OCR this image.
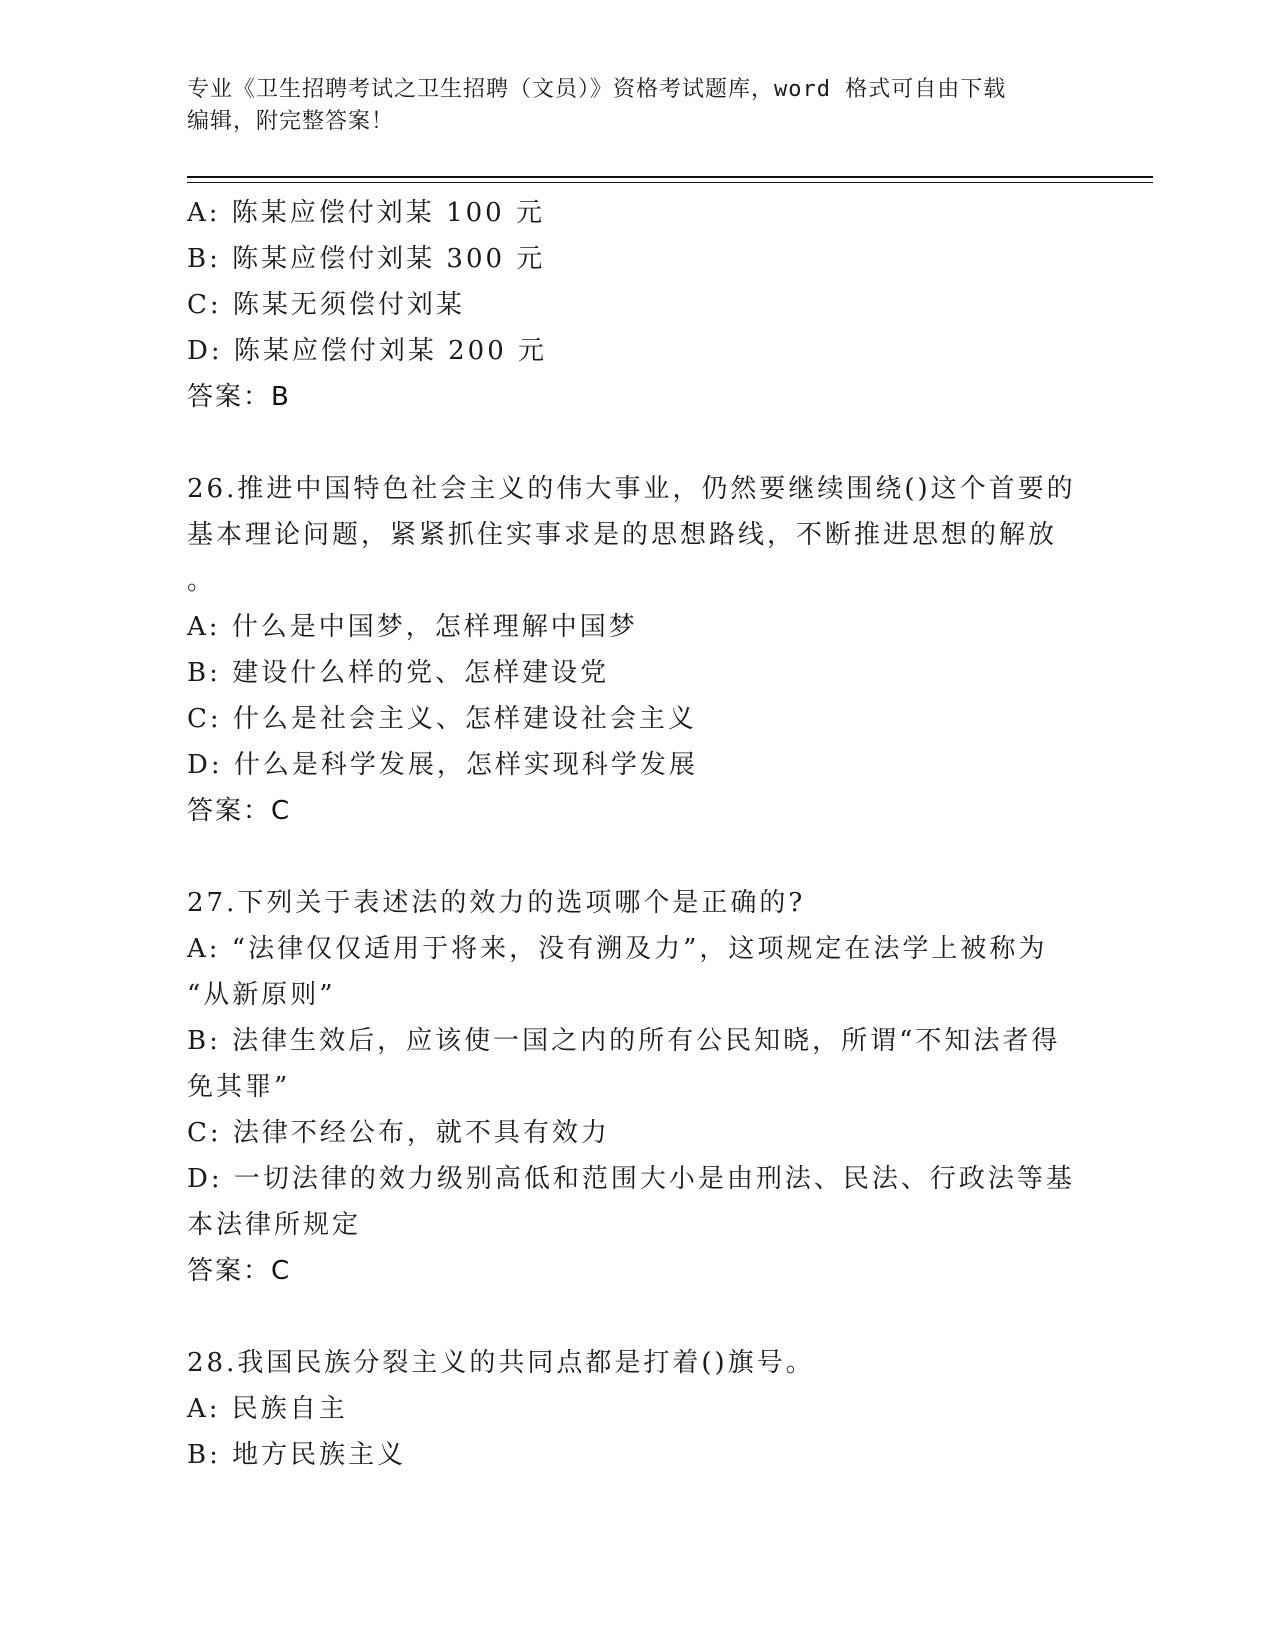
专业《卫生招聘考试之卫生招聘（文员）》资格考试题库，word 格式可自由下载
编辑，附完整答案！
A: 陈某应偿付刘某 100 元
B: 陈某应偿付刘某 300 元
C: 陈某无须偿付刘某
D: 陈某应偿付刘某 200 元
答案：B
26.推进中国特色社会主义的伟大事业，仍然要继续围绕()这个首要的
基本理论问题，紧紧抓住实事求是的思想路线，不断推进思想的解放
。
A: 什么是中国梦，怎样理解中国梦
B: 建设什么样的党、怎样建设党
C: 什么是社会主义、怎样建设社会主义
D: 什么是科学发展，怎样实现科学发展
答案：C
27.下列关于表述法的效力的选项哪个是正确的?
A: “法律仅仅适用于将来，没有溯及力”，这项规定在法学上被称为
“从新原则”
B: 法律生效后，应该使一国之内的所有公民知晓，所谓“不知法者得
免其罪”
C: 法律不经公布，就不具有效力
D: 一切法律的效力级别高低和范围大小是由刑法、民法、行政法等基
本法律所规定
答案：C
28.我国民族分裂主义的共同点都是打着()旗号。
A: 民族自主
B: 地方民族主义
